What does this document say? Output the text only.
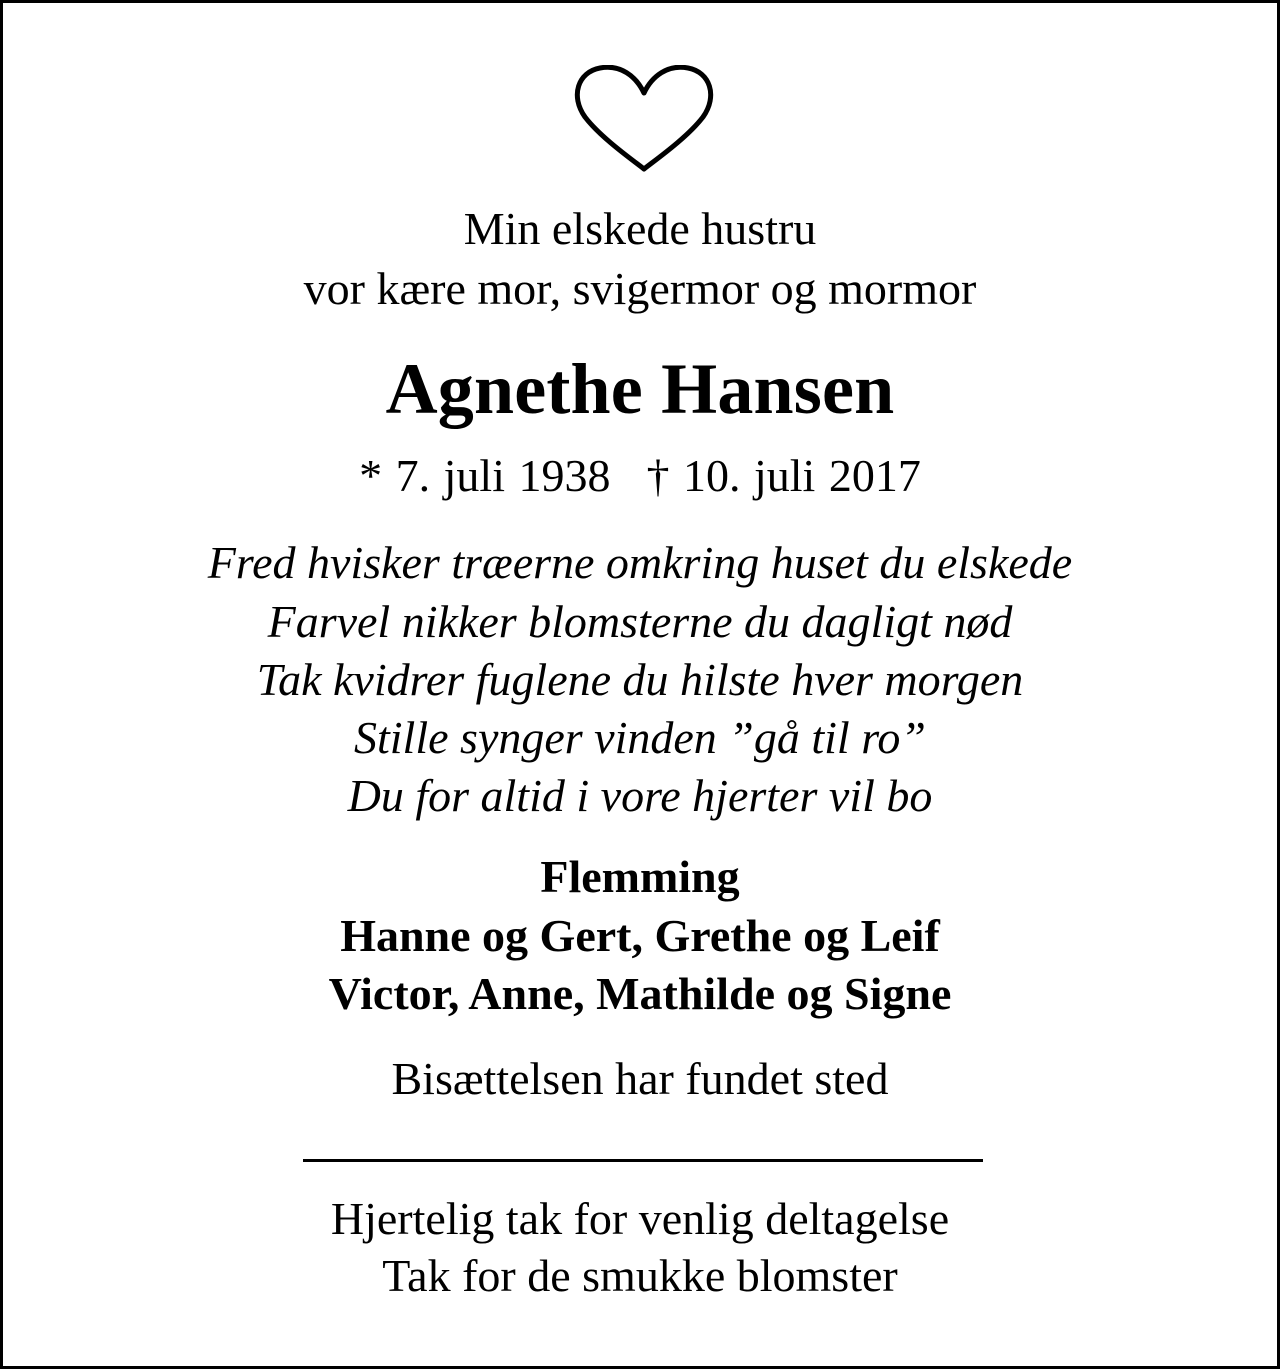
Min elskede hustru
vor kære mor, svigermor og mormor
Agnethe Hansen
* 7. juli 1938 † 10. juli 2017
Fred hvisker træerne omkring huset du elskede
Farvel nikker blomsterne du dagligt nød
Tak kvidrer fuglene du hilste hver morgen
Stille synger vinden ”gå til ro”
Du for altid i vore hjerter vil bo
Flemming
Hanne og Gert, Grethe og Leif
Victor, Anne, Mathilde og Signe
Bisættelsen har fundet sted
Hjertelig tak for venlig deltagelse
Tak for de smukke blomster
